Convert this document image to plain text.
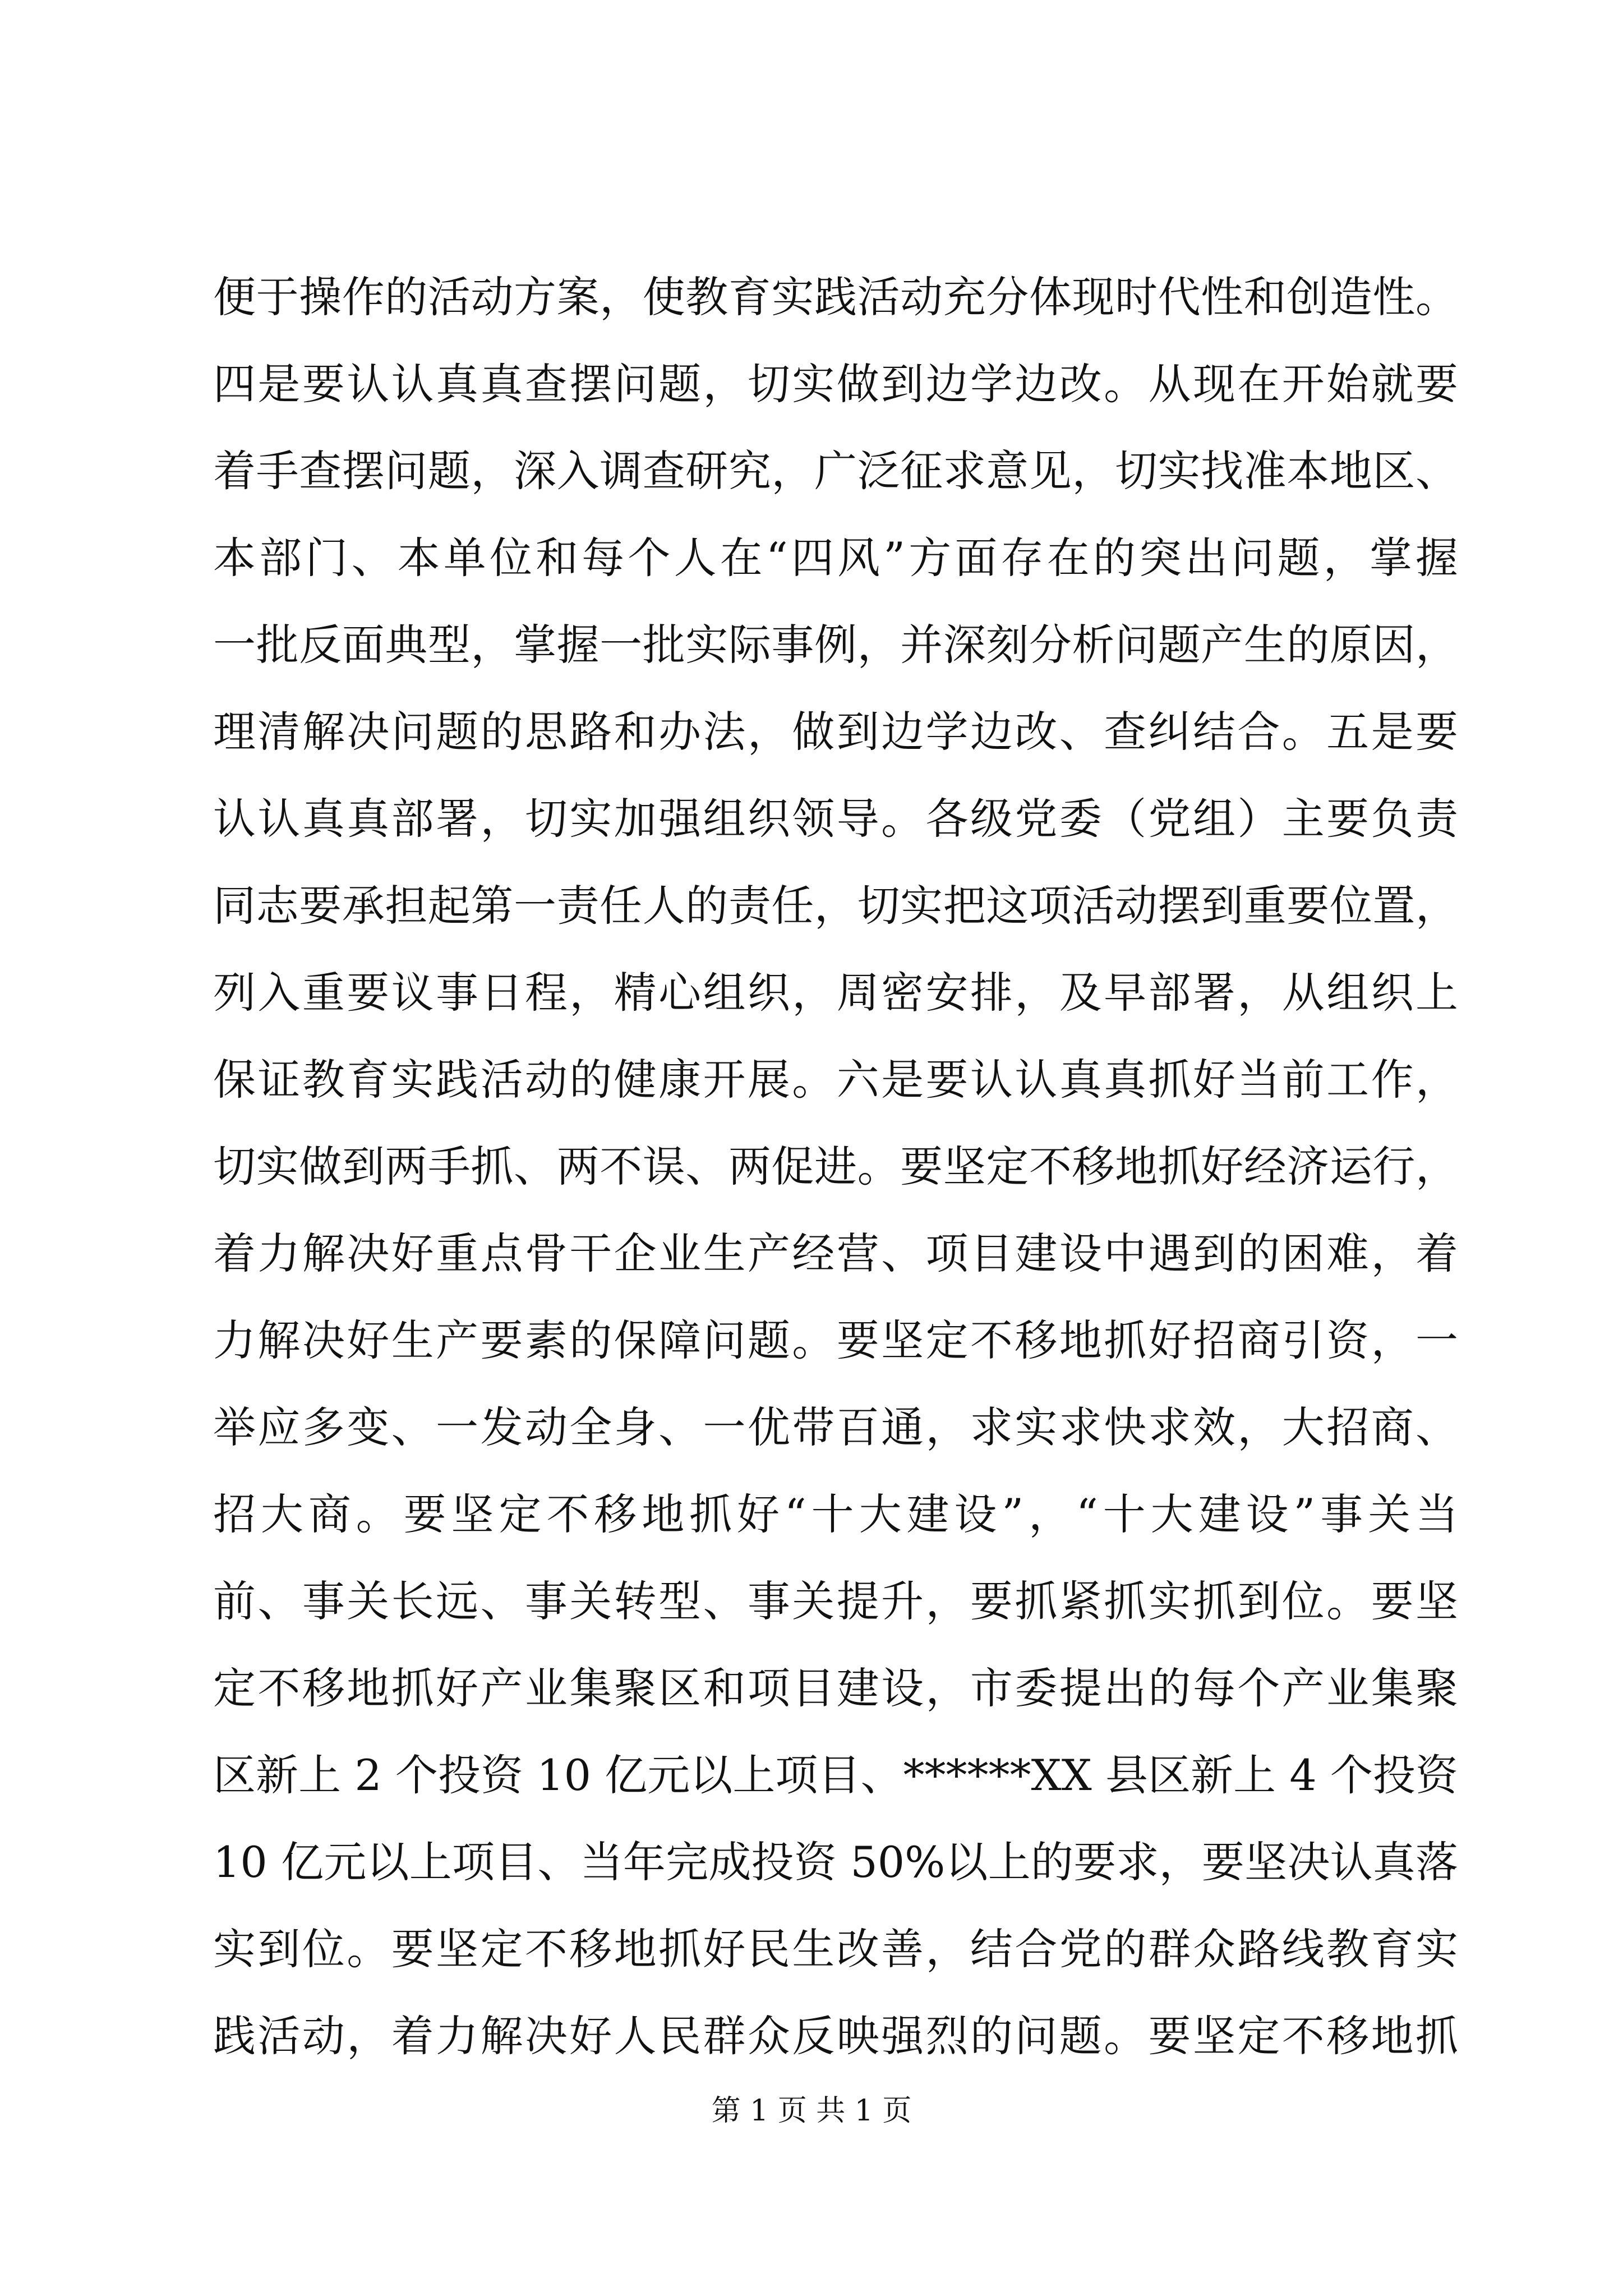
便于操作的活动方案，使教育实践活动充分体现时代性和创造性。
四是要认认真真查摆问题，切实做到边学边改。从现在开始就要
着手查摆问题，深入调查研究，广泛征求意见，切实找准本地区、
本部门、本单位和每个人在“四风”方面存在的突出问题，掌握
一批反面典型，掌握一批实际事例，并深刻分析问题产生的原因，
理清解决问题的思路和办法，做到边学边改、查纠结合。五是要
认认真真部署，切实加强组织领导。各级党委（党组）主要负责
同志要承担起第一责任人的责任，切实把这项活动摆到重要位置，
列入重要议事日程，精心组织，周密安排，及早部署，从组织上
保证教育实践活动的健康开展。六是要认认真真抓好当前工作，
切实做到两手抓、两不误、两促进。要坚定不移地抓好经济运行，
着力解决好重点骨干企业生产经营、项目建设中遇到的困难，着
力解决好生产要素的保障问题。要坚定不移地抓好招商引资，一
举应多变、一发动全身、一优带百通，求实求快求效，大招商、
招大商。要坚定不移地抓好“十大建设”，“十大建设”事关当
前、事关长远、事关转型、事关提升，要抓紧抓实抓到位。要坚
定不移地抓好产业集聚区和项目建设，市委提出的每个产业集聚
区新上 2 个投资 10 亿元以上项目、******XX 县区新上 4 个投资
10 亿元以上项目、当年完成投资 50%以上的要求，要坚决认真落
实到位。要坚定不移地抓好民生改善，结合党的群众路线教育实
践活动，着力解决好人民群众反映强烈的问题。要坚定不移地抓
第 1 页 共 1 页
